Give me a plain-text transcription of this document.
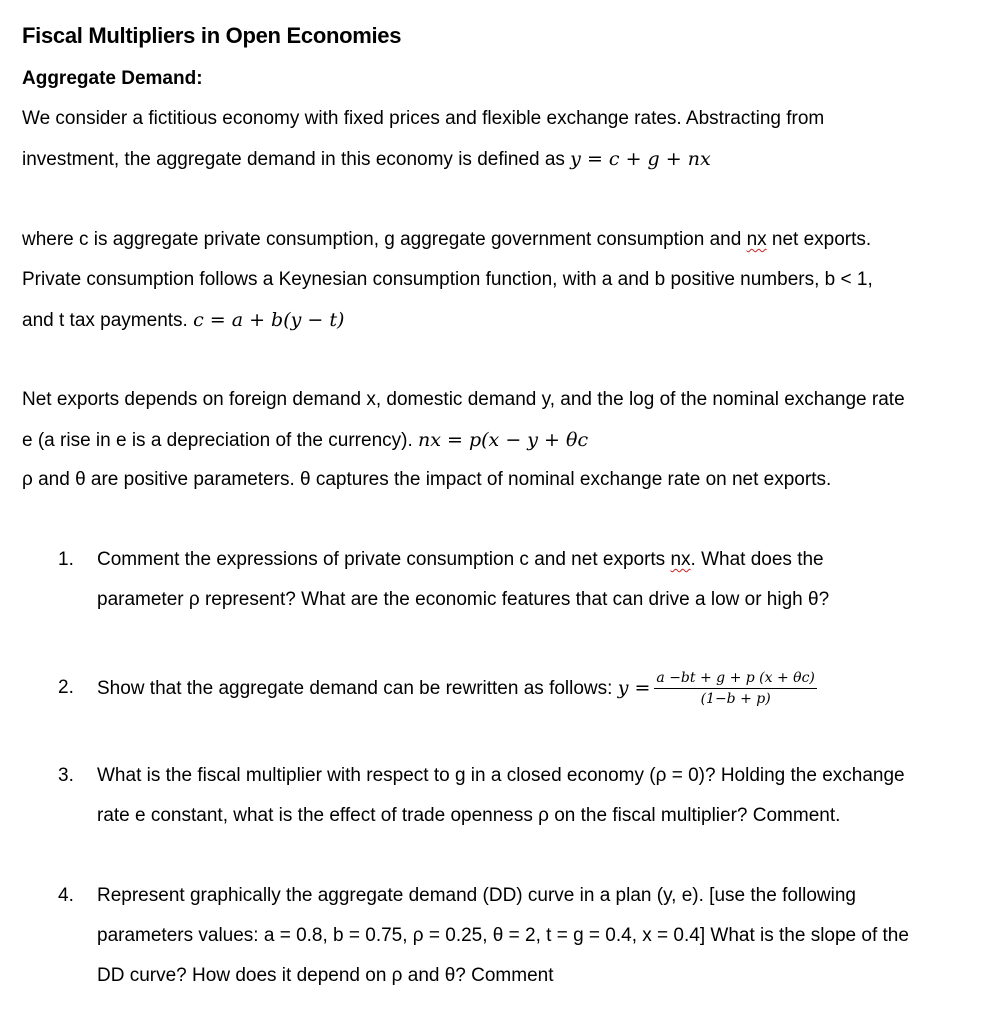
Fiscal Multipliers in Open Economies
Aggregate Demand:
We consider a fictitious economy with fixed prices and flexible exchange rates. Abstracting from
investment, the aggregate demand in this economy is defined as y = c + g + nx
where c is aggregate private consumption, g aggregate government consumption and nx net exports.
Private consumption follows a Keynesian consumption function, with a and b positive numbers, b < 1,
and t tax payments. c = a + b(y − t)
Net exports depends on foreign demand x, domestic demand y, and the log of the nominal exchange rate
e (a rise in e is a depreciation of the currency). nx = p(x − y + θc
ρ and θ are positive parameters. θ captures the impact of nominal exchange rate on net exports.
1. Comment the expressions of private consumption c and net exports nx. What does the
parameter ρ represent? What are the economic features that can drive a low or high θ?
2. Show that the aggregate demand can be rewritten as follows: $y = \frac{a -bt + g + p (x + \theta c)}{(1-b + p)}$
3. What is the fiscal multiplier with respect to g in a closed economy (ρ = 0)? Holding the exchange
rate e constant, what is the effect of trade openness ρ on the fiscal multiplier? Comment.
4. Represent graphically the aggregate demand (DD) curve in a plan (y, e). [use the following
parameters values: a = 0.8, b = 0.75, ρ = 0.25, θ = 2, t = g = 0.4, x = 0.4] What is the slope of the
DD curve? How does it depend on ρ and θ? Comment
